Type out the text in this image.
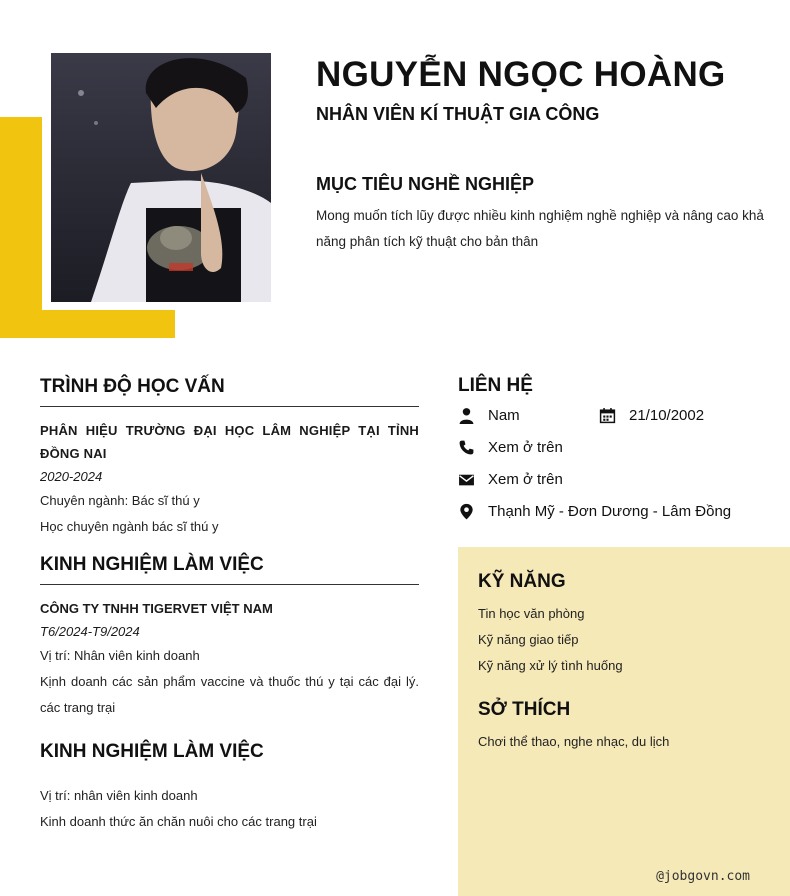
NGUYỄN NGỌC HOÀNG
NHÂN VIÊN KÍ THUẬT GIA CÔNG
MỤC TIÊU NGHỀ NGHIỆP
Mong muốn tích lũy được nhiều kinh nghiệm nghề nghiệp và nâng cao khả năng phân tích kỹ thuật cho bản thân
TRÌNH ĐỘ HỌC VẤN
PHÂN HIỆU TRƯỜNG ĐẠI HỌC LÂM NGHIỆP TẠI TỈNH ĐỒNG NAI
2020-2024
Chuyên ngành: Bác sĩ thú y
Học chuyên ngành bác sĩ thú y
KINH NGHIỆM LÀM VIỆC
CÔNG TY TNHH TIGERVET VIỆT NAM
T6/2024-T9/2024
Vị trí: Nhân viên kinh doanh
Kịnh doanh các sản phẩm vaccine và thuốc thú y tại các đại lý. các trang trại
KINH NGHIỆM LÀM VIỆC
Vị trí: nhân viên kinh doanh
Kinh doanh thức ăn chăn nuôi cho các trang trại
LIÊN HỆ
Nam	21/10/2002
Xem ở trên
Xem ở trên
Thạnh Mỹ - Đơn Dương - Lâm Đồng
KỸ NĂNG
Tin học văn phòng
Kỹ năng giao tiếp
Kỹ năng xử lý tình huống
SỞ THÍCH
Chơi thể thao, nghe nhạc, du lịch
@jobgovn.com
